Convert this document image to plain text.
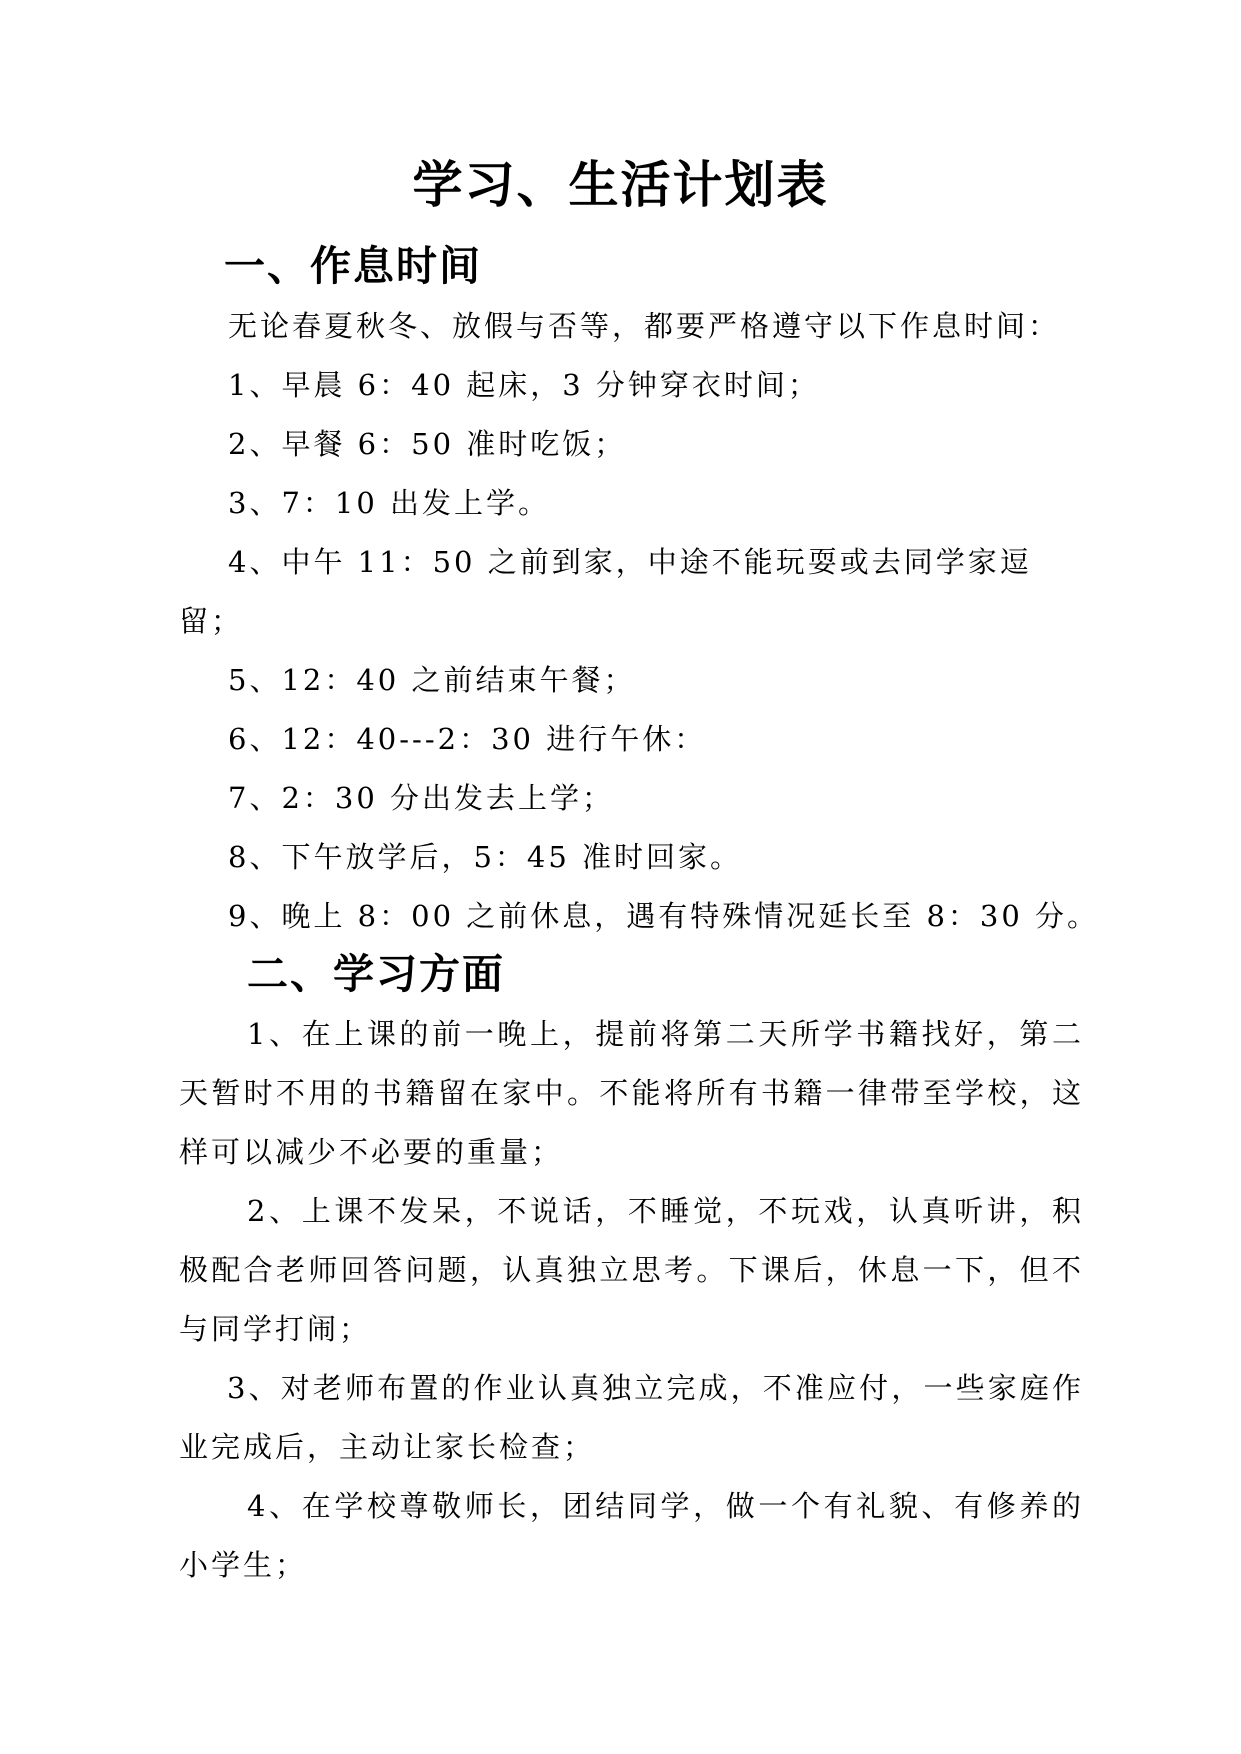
学习、生活计划表
一、作息时间

无论春夏秋冬、放假与否等，都要严格遵守以下作息时间：

1、早晨 6：40 起床，3 分钟穿衣时间；

2、早餐 6：50 准时吃饭；

3、7：10 出发上学。

4、中午 11：50 之前到家，中途不能玩耍或去同学家逗

留；

5、12：40 之前结束午餐；

6、12：40---2：30 进行午休：

7、2：30 分出发去上学；

8、下午放学后，5：45 准时回家。

9、晚上 8：00 之前休息，遇有特殊情况延长至 8：30 分。

二、学习方面

1、在上课的前一晚上，提前将第二天所学书籍找好，第二天暂时不用的书籍留在家中。不能将所有书籍一律带至学校，这样可以减少不必要的重量；

2、上课不发呆，不说话，不睡觉，不玩戏，认真听讲，积极配合老师回答问题，认真独立思考。下课后，休息一下，但不与同学打闹；

3、对老师布置的作业认真独立完成，不准应付，一些家庭作业完成后，主动让家长检查；

4、在学校尊敬师长，团结同学，做一个有礼貌、有修养的小学生；
